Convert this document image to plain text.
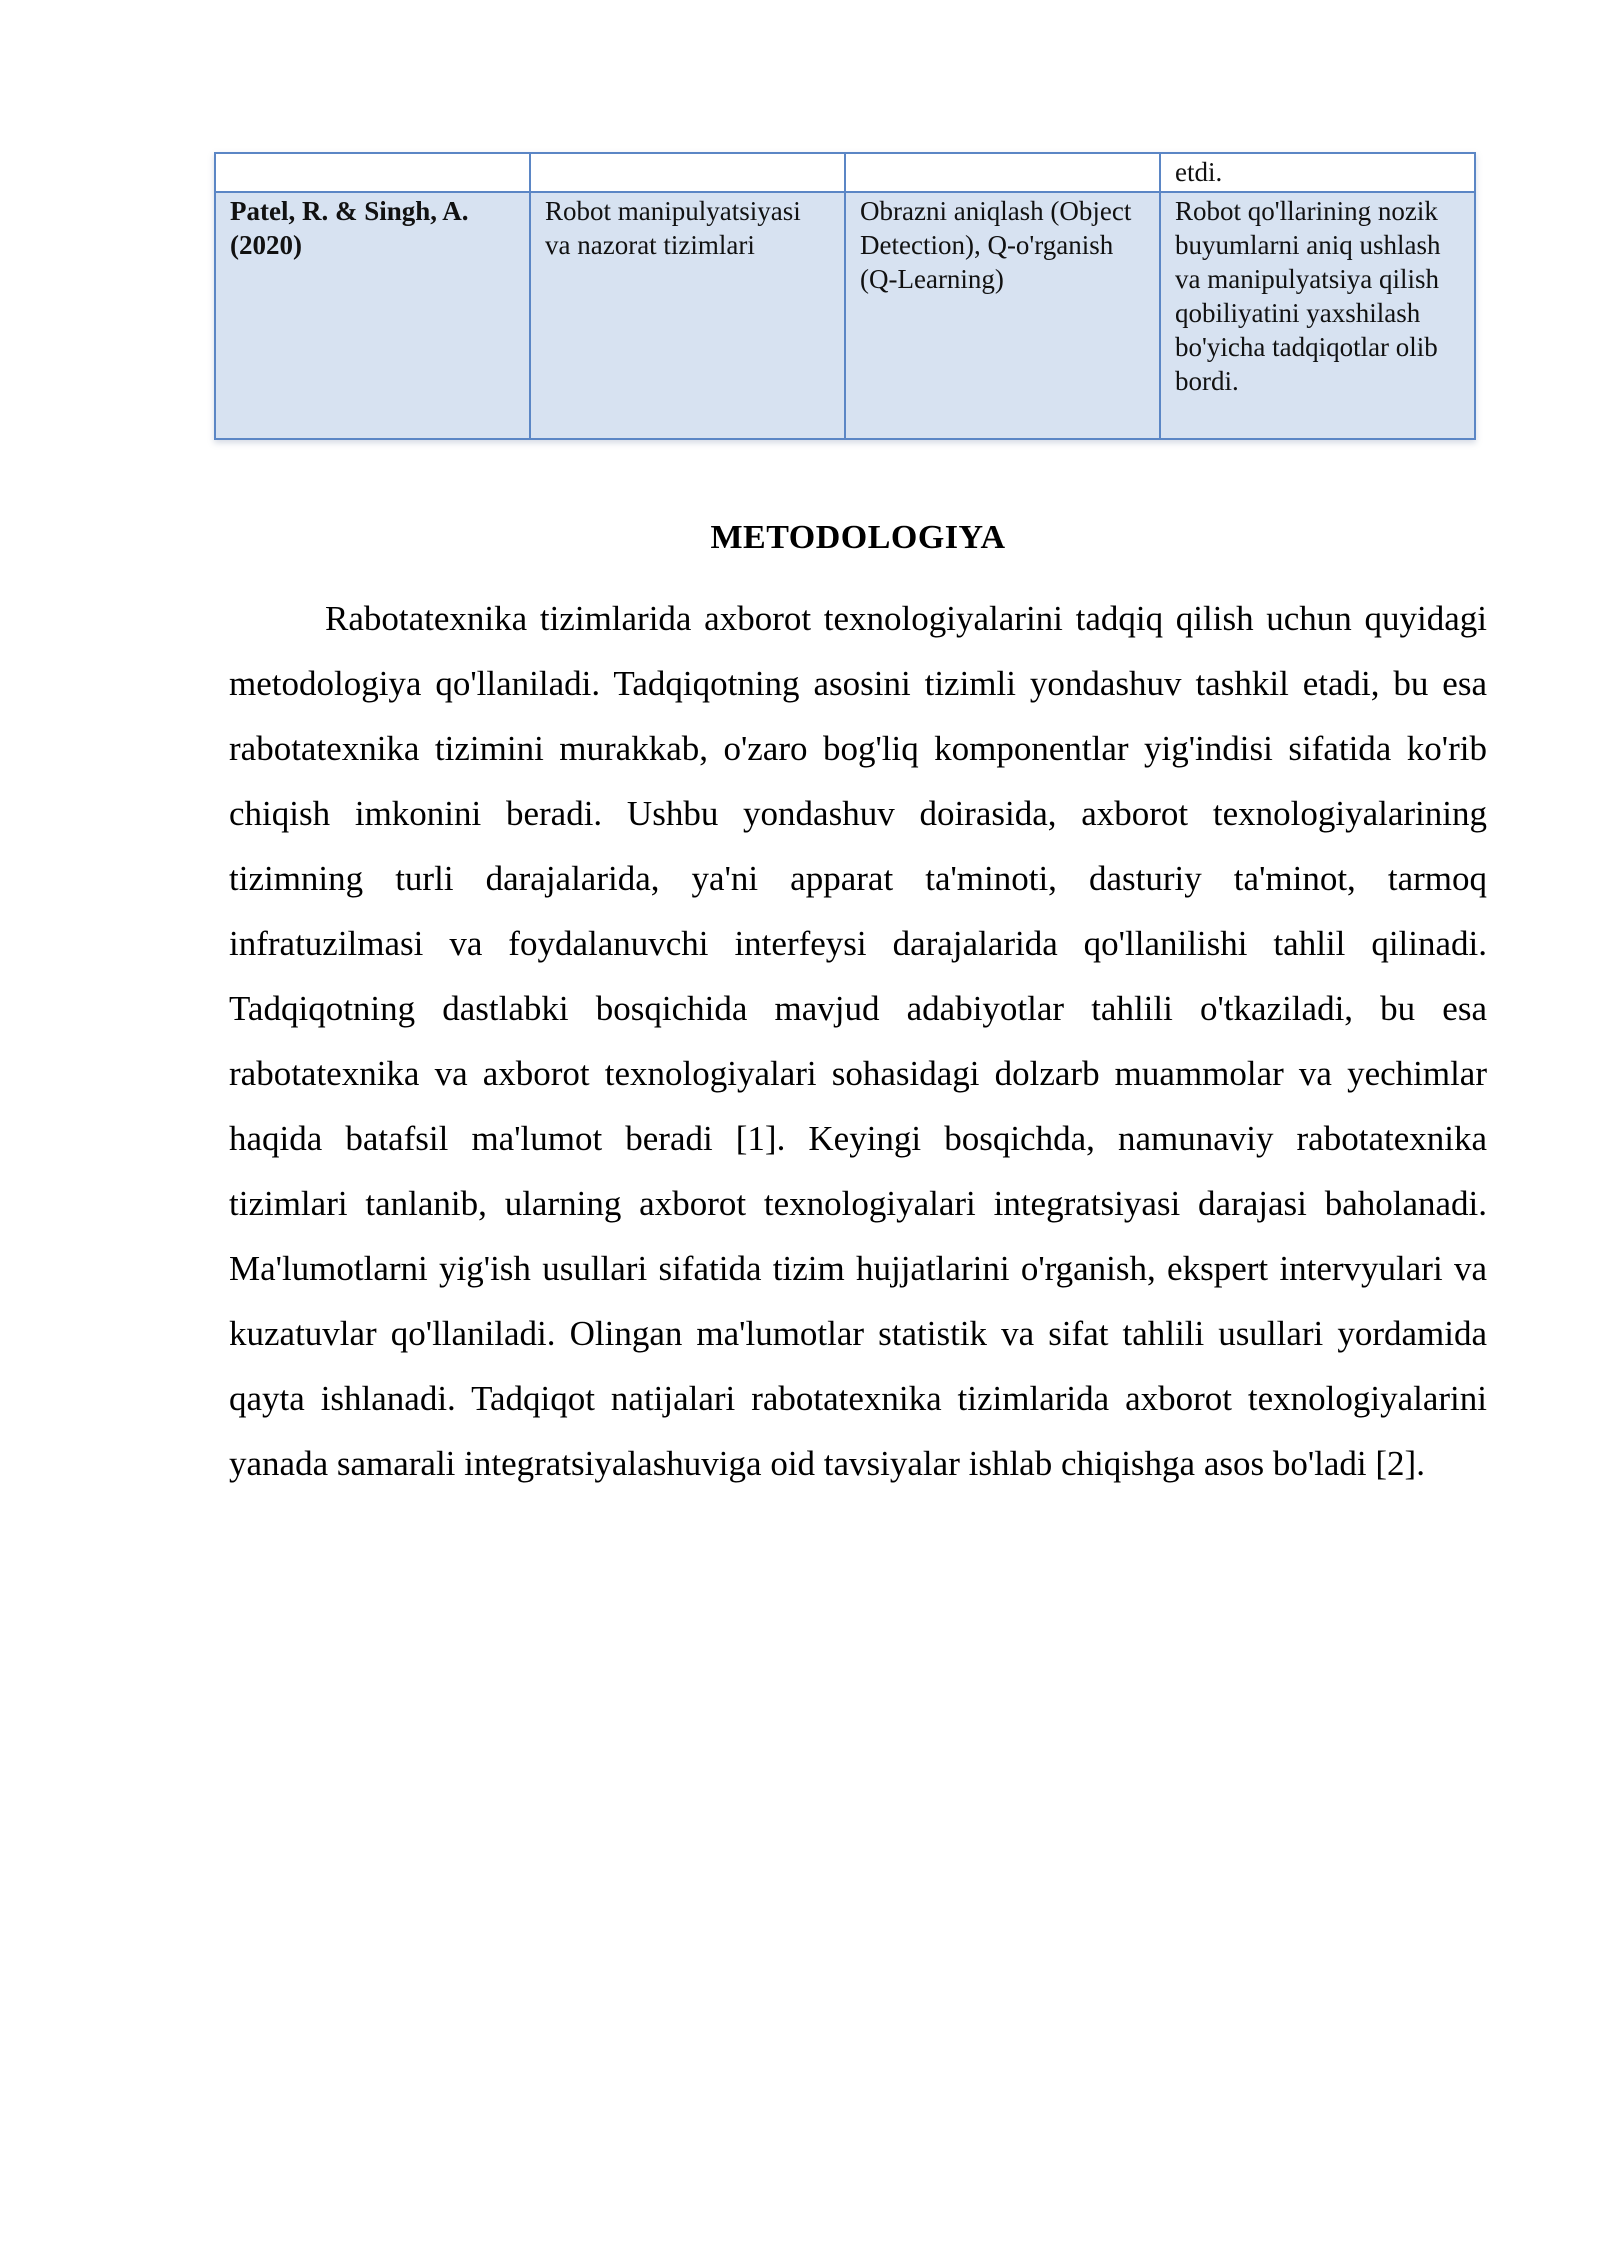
			etdi.
Patel, R. & Singh, A. (2020)	Robot manipulyatsiyasi va nazorat tizimlari	Obrazni aniqlash (Object Detection), Q-o'rganish (Q-Learning)	Robot qo'llarining nozik buyumlarni aniq ushlash va manipulyatsiya qilish qobiliyatini yaxshilash bo'yicha tadqiqotlar olib bordi.
METODOLOGIYA

Rabotatexnika tizimlarida axborot texnologiyalarini tadqiq qilish uchun quyidagi metodologiya qo'llaniladi. Tadqiqotning asosini tizimli yondashuv tashkil etadi, bu esa rabotatexnika tizimini murakkab, o'zaro bog'liq komponentlar yig'indisi sifatida ko'rib chiqish imkonini beradi. Ushbu yondashuv doirasida, axborot texnologiyalarining tizimning turli darajalarida, ya'ni apparat ta'minoti, dasturiy ta'minot, tarmoq infratuzilmasi va foydalanuvchi interfeysi darajalarida qo'llanilishi tahlil qilinadi. Tadqiqotning dastlabki bosqichida mavjud adabiyotlar tahlili o'tkaziladi, bu esa rabotatexnika va axborot texnologiyalari sohasidagi dolzarb muammolar va yechimlar haqida batafsil ma'lumot beradi [1]. Keyingi bosqichda, namunaviy rabotatexnika tizimlari tanlanib, ularning axborot texnologiyalari integratsiyasi darajasi baholanadi. Ma'lumotlarni yig'ish usullari sifatida tizim hujjatlarini o'rganish, ekspert intervyulari va kuzatuvlar qo'llaniladi. Olingan ma'lumotlar statistik va sifat tahlili usullari yordamida qayta ishlanadi. Tadqiqot natijalari rabotatexnika tizimlarida axborot texnologiyalarini yanada samarali integratsiyalashuviga oid tavsiyalar ishlab chiqishga asos bo'ladi [2].
